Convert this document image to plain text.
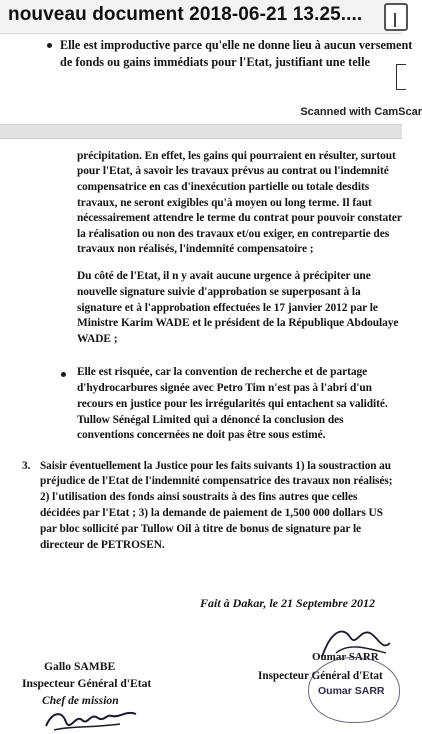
nouveau document 2018-06-21 13.25....
Elle est improductive parce qu'elle ne donne lieu à aucun versement
de fonds ou gains immédiats pour l'Etat, justifiant une telle
Scanned with CamScar
précipitation. En effet, les gains qui pourraient en résulter, surtout
pour l'Etat, à savoir les travaux prévus au contrat ou l'indemnité
compensatrice en cas d'inexécution partielle ou totale desdits
travaux, ne seront exigibles qu'à moyen ou long terme. Il faut
nécessairement attendre le terme du contrat pour pouvoir constater
la réalisation ou non des travaux et/ou exiger, en contrepartie des
travaux non réalisés, l'indemnité compensatoire ;
Du côté de l'Etat, il n y avait aucune urgence à précipiter une
nouvelle signature suivie d'approbation se superposant à la
signature et à l'approbation effectuées le 17 janvier 2012 par le
Ministre Karim WADE et le président de la République Abdoulaye
WADE ;
Elle est risquée, car la convention de recherche et de partage
d'hydrocarbures signée avec Petro Tim n'est pas à l'abri d'un
recours en justice pour les irrégularités qui entachent sa validité.
Tullow Sénégal Limited qui a dénoncé la conclusion des
conventions concernées ne doit pas être sous estimé.
3. Saisir éventuellement la Justice pour les faits suivants 1) la soustraction au
préjudice de l'Etat de l'indemnité compensatrice des travaux non réalisés;
2) l'utilisation des fonds ainsi soustraits à des fins autres que celles
décidées par l'Etat ; 3) la demande de paiement de 1,500 000 dollars US
par bloc sollicité par Tullow Oil à titre de bonus de signature par le
directeur de PETROSEN.
Fait à Dakar, le 21 Septembre 2012
Gallo SAMBE
Inspecteur Général d'Etat
Chef de mission
Oumar SARR
Inspecteur Général d'Etat
Oumar SARR
